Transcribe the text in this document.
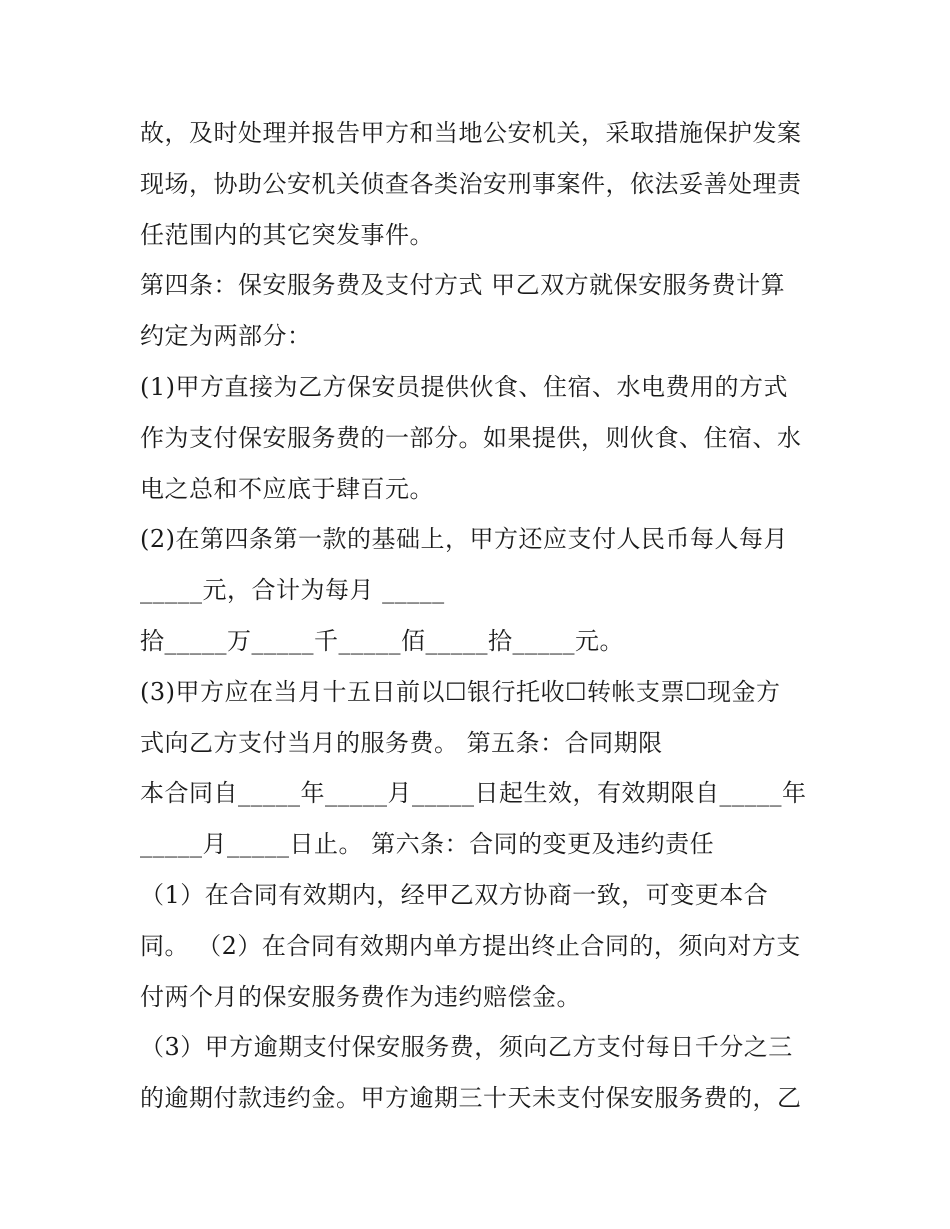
故，及时处理并报告甲方和当地公安机关，采取措施保护发案
现场，协助公安机关侦查各类治安刑事案件，依法妥善处理责
任范围内的其它突发事件。
第四条：保安服务费及支付方式 甲乙双方就保安服务费计算
约定为两部分：
(1)甲方直接为乙方保安员提供伙食、住宿、水电费用的方式
作为支付保安服务费的一部分。如果提供，则伙食、住宿、水
电之总和不应底于肆百元。
(2)在第四条第一款的基础上，甲方还应支付人民币每人每月
_____元，合计为每月 _____
拾_____万_____千_____佰_____拾_____元。
(3)甲方应在当月十五日前以☐银行托收☐转帐支票☐现金方
式向乙方支付当月的服务费。 第五条：合同期限
本合同自_____年_____月_____日起生效，有效期限自_____年
_____月_____日止。 第六条：合同的变更及违约责任
（1）在合同有效期内，经甲乙双方协商一致，可变更本合
同。 （2）在合同有效期内单方提出终止合同的，须向对方支
付两个月的保安服务费作为违约赔偿金。
（3）甲方逾期支付保安服务费，须向乙方支付每日千分之三
的逾期付款违约金。甲方逾期三十天未支付保安服务费的，乙
